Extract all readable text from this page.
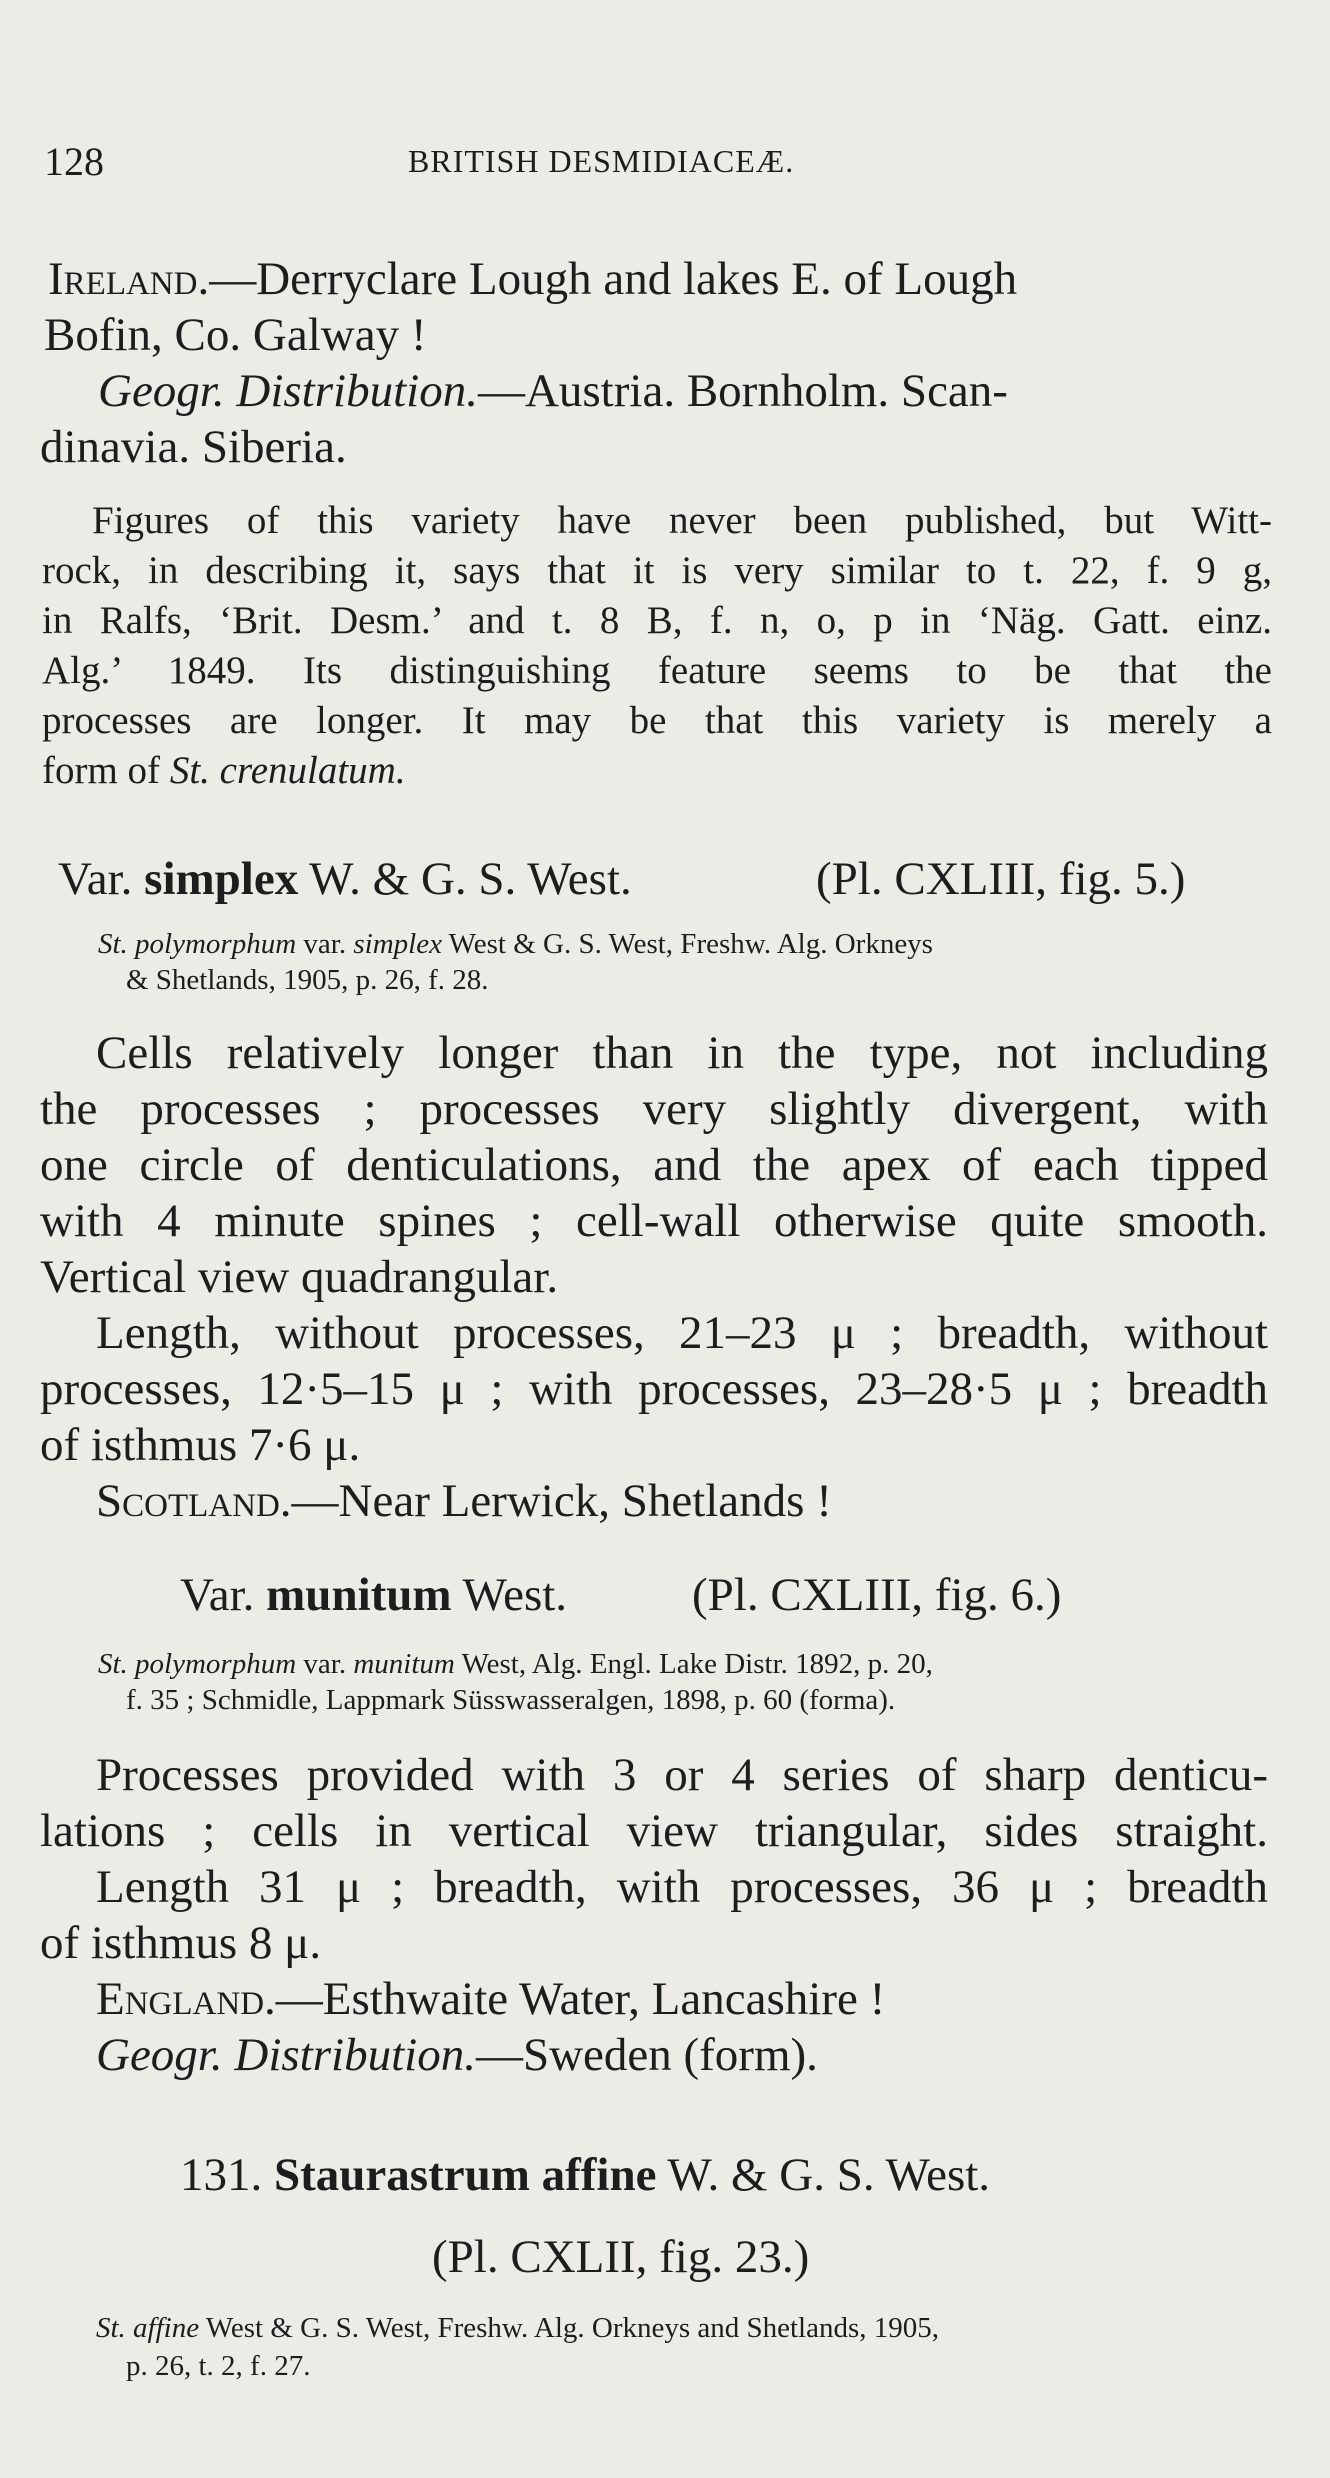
128	BRITISH DESMIDIACEÆ.
Ireland.—Derryclare Lough and lakes E. of Lough
Bofin, Co. Galway !
Geogr. Distribution.—Austria. Bornholm. Scan-
dinavia. Siberia.
Figures of this variety have never been published, but Witt-
rock, in describing it, says that it is very similar to t. 22, f. 9 g,
in Ralfs, ‘Brit. Desm.’ and t. 8 B, f. n, o, p in ‘Näg. Gatt. einz.
Alg.’ 1849. Its distinguishing feature seems to be that the
processes are longer. It may be that this variety is merely a
form of St. crenulatum.
Var. simplex W. & G. S. West.	(Pl. CXLIII, fig. 5.)
St. polymorphum var. simplex West & G. S. West, Freshw. Alg. Orkneys
& Shetlands, 1905, p. 26, f. 28.
Cells relatively longer than in the type, not including
the processes ; processes very slightly divergent, with
one circle of denticulations, and the apex of each tipped
with 4 minute spines ; cell-wall otherwise quite smooth.
Vertical view quadrangular.
Length, without processes, 21–23 μ ; breadth, without
processes, 12·5–15 μ ; with processes, 23–28·5 μ ; breadth
of isthmus 7·6 μ.
Scotland.—Near Lerwick, Shetlands !
Var. munitum West.	(Pl. CXLIII, fig. 6.)
St. polymorphum var. munitum West, Alg. Engl. Lake Distr. 1892, p. 20,
f. 35 ; Schmidle, Lappmark Süsswasseralgen, 1898, p. 60 (forma).
Processes provided with 3 or 4 series of sharp denticu-
lations ; cells in vertical view triangular, sides straight.
Length 31 μ ; breadth, with processes, 36 μ ; breadth
of isthmus 8 μ.
England.—Esthwaite Water, Lancashire !
Geogr. Distribution.—Sweden (form).
131. Staurastrum affine W. & G. S. West.
(Pl. CXLII, fig. 23.)
St. affine West & G. S. West, Freshw. Alg. Orkneys and Shetlands, 1905,
p. 26, t. 2, f. 27.
